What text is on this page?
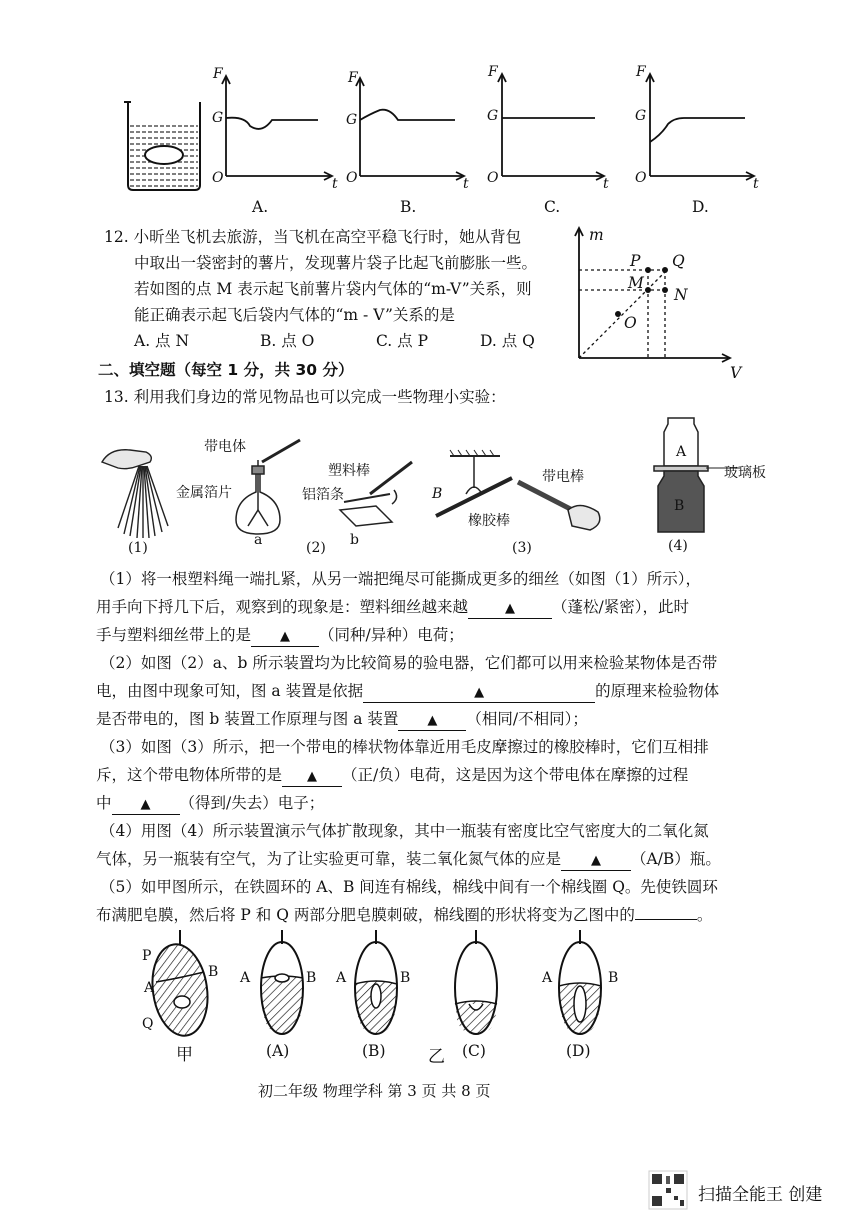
F
G
O	t
F
G
O	t
F
G
O	t
F
G
O	t
A.	B.	C.	D.
12. 小昕坐飞机去旅游，当飞机在高空平稳飞行时，她从背包
中取出一袋密封的薯片，发现薯片袋子比起飞前膨胀一些。
若如图的点 M 表示起飞前薯片袋内气体的“m-V”关系，则
能正确表示起飞后袋内气体的“m - V”关系的是
A. 点 N	B. 点 O	C. 点 P	D. 点 Q
m
V
P Q
M
N
O
二、填空题（每空 1 分，共 30 分）
13. 利用我们身边的常见物品也可以完成一些物理小实验：
带电体
金属箔片
塑料棒
铝箔条
带电棒
橡胶棒
玻璃板
a	b
B
A
B
(1)	(2)	(3)	(4)
（1）将一根塑料绳一端扎紧，从另一端把绳尽可能撕成更多的细丝（如图（1）所示），
用手向下捋几下后，观察到的现象是：塑料细丝越来越	▲ （蓬松/紧密），此时
手与塑料细丝带上的是 ▲ （同种/异种）电荷；
（2）如图（2）a、b 所示装置均为比较简易的验电器，它们都可以用来检验某物体是否带
电，由图中现象可知，图 a 装置是依据	▲	的原理来检验物体
是否带电的，图 b 装置工作原理与图 a 装置 ▲ （相同/不相同）；
（3）如图（3）所示，把一个带电的棒状物体靠近用毛皮摩擦过的橡胶棒时，它们互相排
斥，这个带电物体所带的是 ▲ （正/负）电荷，这是因为这个带电体在摩擦的过程
中 ▲ （得到/失去）电子；
（4）用图（4）所示装置演示气体扩散现象，其中一瓶装有密度比空气密度大的二氧化氮
气体，另一瓶装有空气，为了让实验更可靠，装二氧化氮气体的应是 ▲ （A/B）瓶。
（5）如甲图所示，在铁圆环的 A、B 间连有棉线，棉线中间有一个棉线圈 Q。先使铁圆环
布满肥皂膜，然后将 P 和 Q 两部分肥皂膜刺破，棉线圈的形状将变为乙图中的	。
P
A
B
Q
甲
A	B A	B	A	B
(A)	(B)	乙 (C)	(D)
初二年级 物理学科 第 3 页 共 8 页
扫描全能王 创建
